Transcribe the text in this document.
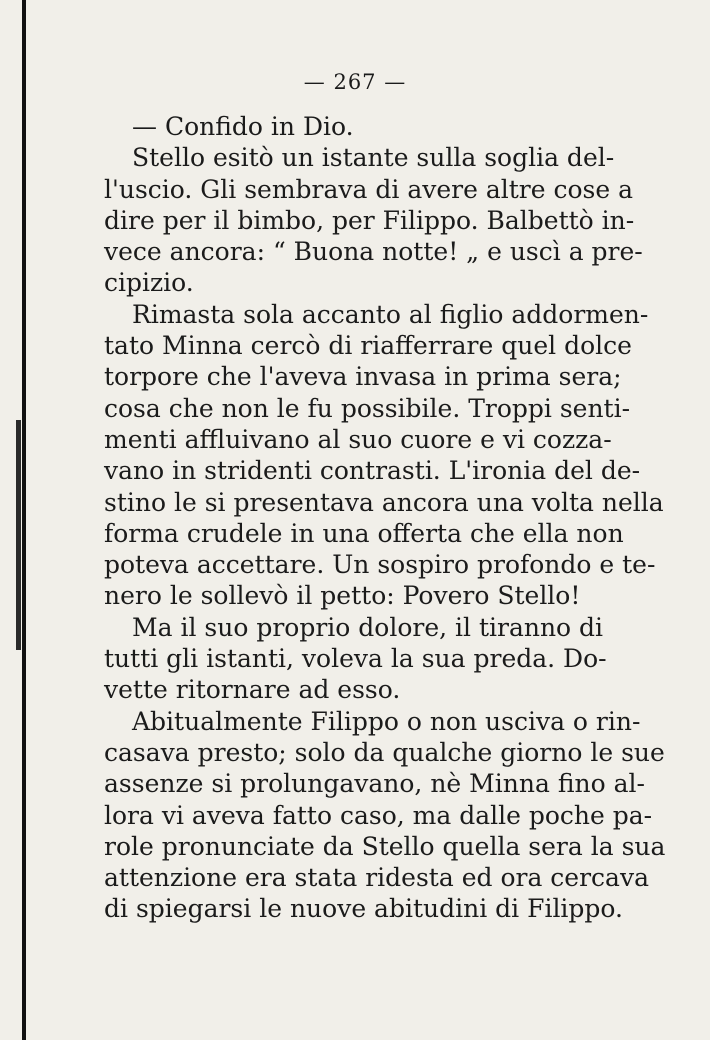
— 267 —
— Confido in Dio.
Stello esitò un istante sulla soglia del-
l'uscio. Gli sembrava di avere altre cose a
dire per il bimbo, per Filippo. Balbettò in-
vece ancora: “ Buona notte! „ e uscì a pre-
cipizio.
Rimasta sola accanto al figlio addormen-
tato Minna cercò di riafferrare quel dolce
torpore che l'aveva invasa in prima sera;
cosa che non le fu possibile. Troppi senti-
menti affluivano al suo cuore e vi cozza-
vano in stridenti contrasti. L'ironia del de-
stino le si presentava ancora una volta nella
forma crudele in una offerta che ella non
poteva accettare. Un sospiro profondo e te-
nero le sollevò il petto: Povero Stello!
Ma il suo proprio dolore, il tiranno di
tutti gli istanti, voleva la sua preda. Do-
vette ritornare ad esso.
Abitualmente Filippo o non usciva o rin-
casava presto; solo da qualche giorno le sue
assenze si prolungavano, nè Minna fino al-
lora vi aveva fatto caso, ma dalle poche pa-
role pronunciate da Stello quella sera la sua
attenzione era stata ridesta ed ora cercava
di spiegarsi le nuove abitudini di Filippo.
